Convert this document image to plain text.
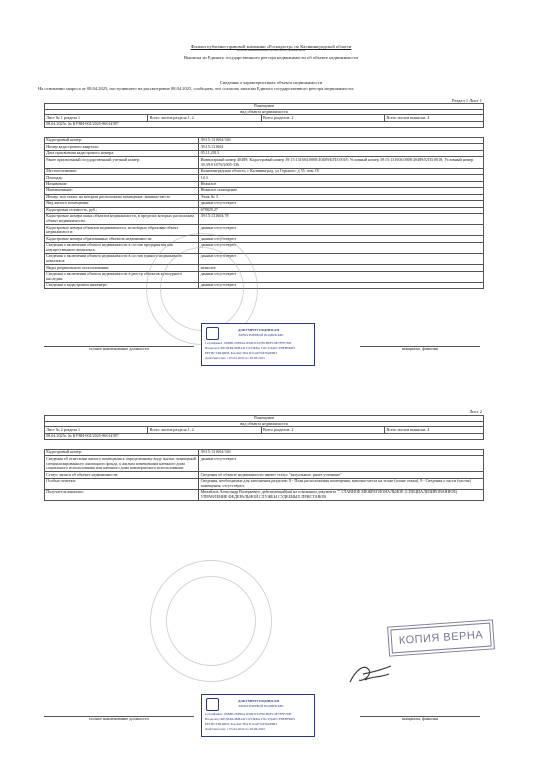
Филиал публично-правовой компании «Роскадастр» по Калининградской области
полное наименование органа регистрации прав
Выписка из Единого государственного реестра недвижимости об объекте недвижимости
Сведения о характеристиках объекта недвижимости
На основании запроса от 08.04.2025, поступившего на рассмотрение 08.04.2025, сообщаем, что согласно записям Единого государственного реестра недвижимости:
Раздел 1 Лист 1
Помещение
вид объекта недвижимости

Лист № 1 раздела 1	Всего листов раздела 1: 2	Всего разделов: 2	Всего листов выписки: 4
08.04.2025г. № КУВИ-001/2025-86014587
Кадастровый номер:	39:15:131604:526
Номер кадастрового квартала:	39:15:131604
Дата присвоения кадастрового номера:	05.11.2013
Ранее присвоенный государственный учетный номер:	Инвентарный номер 40489; Кадастровый номер 39:15:131604:0008:40489/Б/П3:0018; Условный номер 39:15:131604:0008:40489/Б/П3:0018; Условный номер 39:39:01/076/2005-336
Местоположение:	Калининградская область, г Калининград, ул Горького, д 55, пом 18
Площадь:	14.3
Назначение:	Нежилое
Наименование:	Нежилое помещение
Номер, тип этажа, на котором расположено помещение, машино-место	Этаж № 3
Вид жилого помещения:	данные отсутствуют
Кадастровая стоимость, руб.:	678829.27
Кадастровые номера иных объектов недвижимости, в пределах которых расположен объект недвижимости:	39:15:131604:78
Кадастровые номера объектов недвижимости, из которых образован объект недвижимости:	данные отсутствуют
Кадастровые номера образованных объектов недвижимости:	данные отсутствуют
Сведения о включении объекта недвижимости в состав предприятия как имущественного комплекса:	данные отсутствуют
Сведения о включении объекта недвижимости в состав единого недвижимого комплекса:	данные отсутствуют
Виды разрешенного использования:	нежилое
Сведения о включении объекта недвижимости в реестр объектов культурного наследия:	данные отсутствуют
Сведения о кадастровом инженере:	данные отсутствуют
полное наименование должности	инициалы, фамилия
ДОКУМЕНТ ПОДПИСАН
ЭЛЕКТРОННОЙ ПОДПИСЬЮ
Сертификат: 00BBC26F66A1E6D3CD7BCB6FC4E7FFE7DE
Владелец: ФЕДЕРАЛЬНАЯ СЛУЖБА ГОСУДАРСТВЕННОЙ
РЕГИСТРАЦИИ, КАДАСТРА И КАРТОГРАФИИ
Действителен: с 05.04.2024 по 28.06.2025
Лист 2
Помещение
вид объекта недвижимости

Лист № 2 раздела 1	Всего листов раздела 1: 2	Всего разделов: 2	Всего листов выписки: 4
08.04.2025г. № КУВИ-001/2025-86014587
Кадастровый номер:	39:15:131604:526
Сведения об отнесении жилого помещения к определенному виду жилых помещений специализированного жилищного фонда, к жилым помещениям наемного дома социального использования или наемного дома коммерческого использования:	данные отсутствуют
Статус записи об объекте недвижимости:	Сведения об объекте недвижимости имеют статус "актуальные, ранее учтенные"
Особые отметки:	Сведения, необходимые для заполнения разделов: 8 - План расположения помещения, машино-места на этаже (плане этажа), 9 - Сведения о части (частях) помещения, отсутствуют.
Получатель выписки:	Михайлов Александр Валерьевич, действующий(ая) на основании документа "" ГЛАВНОЕ МЕЖРЕГИОНАЛЬНОЕ (СПЕЦИАЛИЗИРОВАННОЕ) УПРАВЛЕНИЕ ФЕДЕРАЛЬНОЙ СЛУЖБЫ СУДЕБНЫХ ПРИСТАВОВ
КОПИЯ ВЕРНА
полное наименование должности	инициалы, фамилия
ДОКУМЕНТ ПОДПИСАН
ЭЛЕКТРОННОЙ ПОДПИСЬЮ
Сертификат: 00BBC26F66A1E6D3CD7BCB6FC4E7FFE7DE
Владелец: ФЕДЕРАЛЬНАЯ СЛУЖБА ГОСУДАРСТВЕННОЙ
РЕГИСТРАЦИИ, КАДАСТРА И КАРТОГРАФИИ
Действителен: с 05.04.2024 по 28.06.2025
